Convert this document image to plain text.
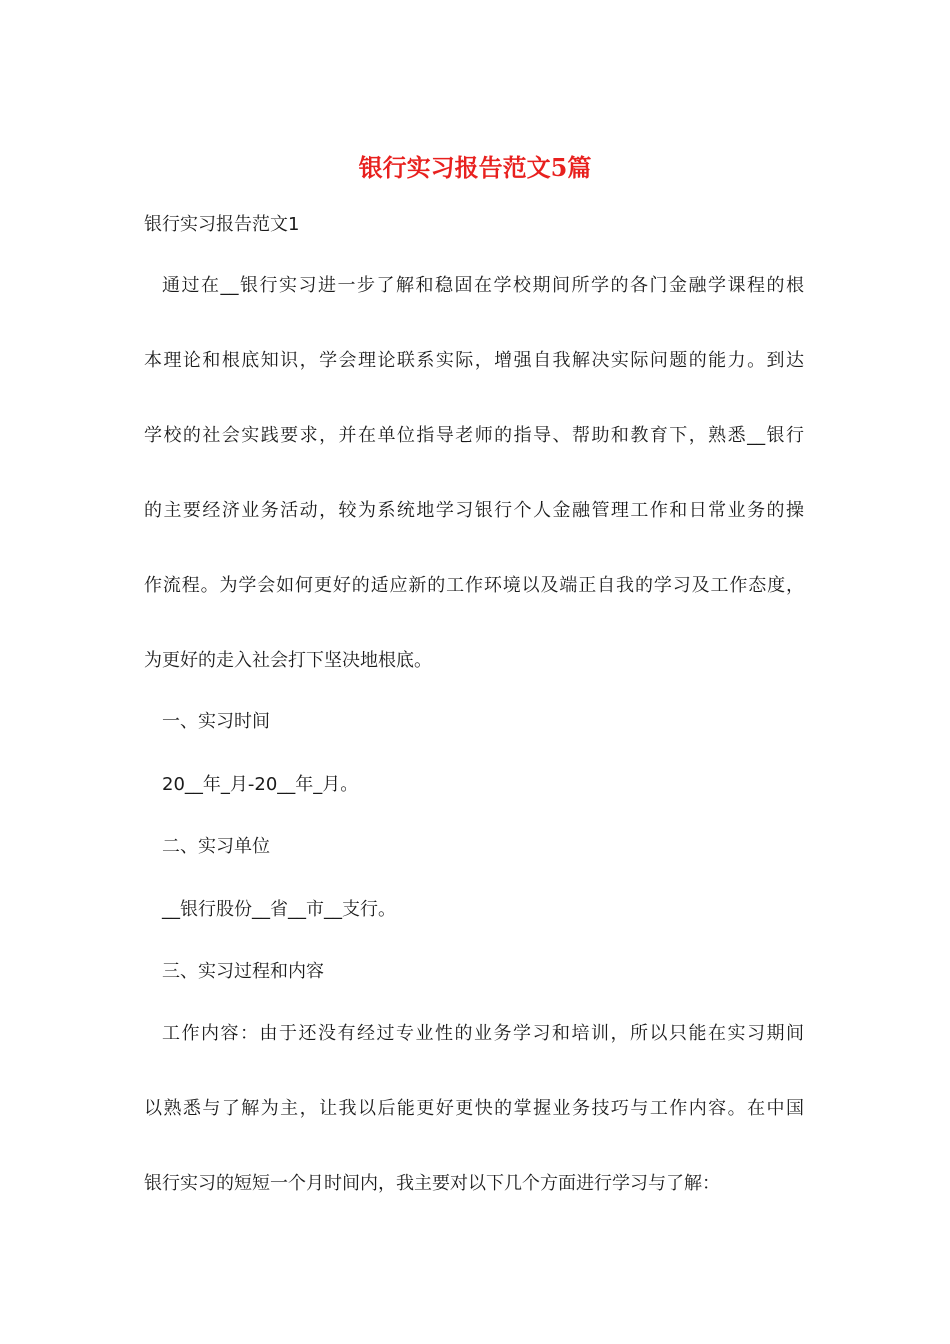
银行实习报告范文5篇

银行实习报告范文1

通过在__银行实习进一步了解和稳固在学校期间所学的各门金融学课程的根

本理论和根底知识，学会理论联系实际，增强自我解决实际问题的能力。到达

学校的社会实践要求，并在单位指导老师的指导、帮助和教育下，熟悉__银行

的主要经济业务活动，较为系统地学习银行个人金融管理工作和日常业务的操

作流程。为学会如何更好的适应新的工作环境以及端正自我的学习及工作态度，

为更好的走入社会打下坚决地根底。

一、实习时间

20__年_月-20__年_月。

二、实习单位

__银行股份__省__市__支行。

三、实习过程和内容

工作内容：由于还没有经过专业性的业务学习和培训，所以只能在实习期间

以熟悉与了解为主，让我以后能更好更快的掌握业务技巧与工作内容。在中国

银行实习的短短一个月时间内，我主要对以下几个方面进行学习与了解：
